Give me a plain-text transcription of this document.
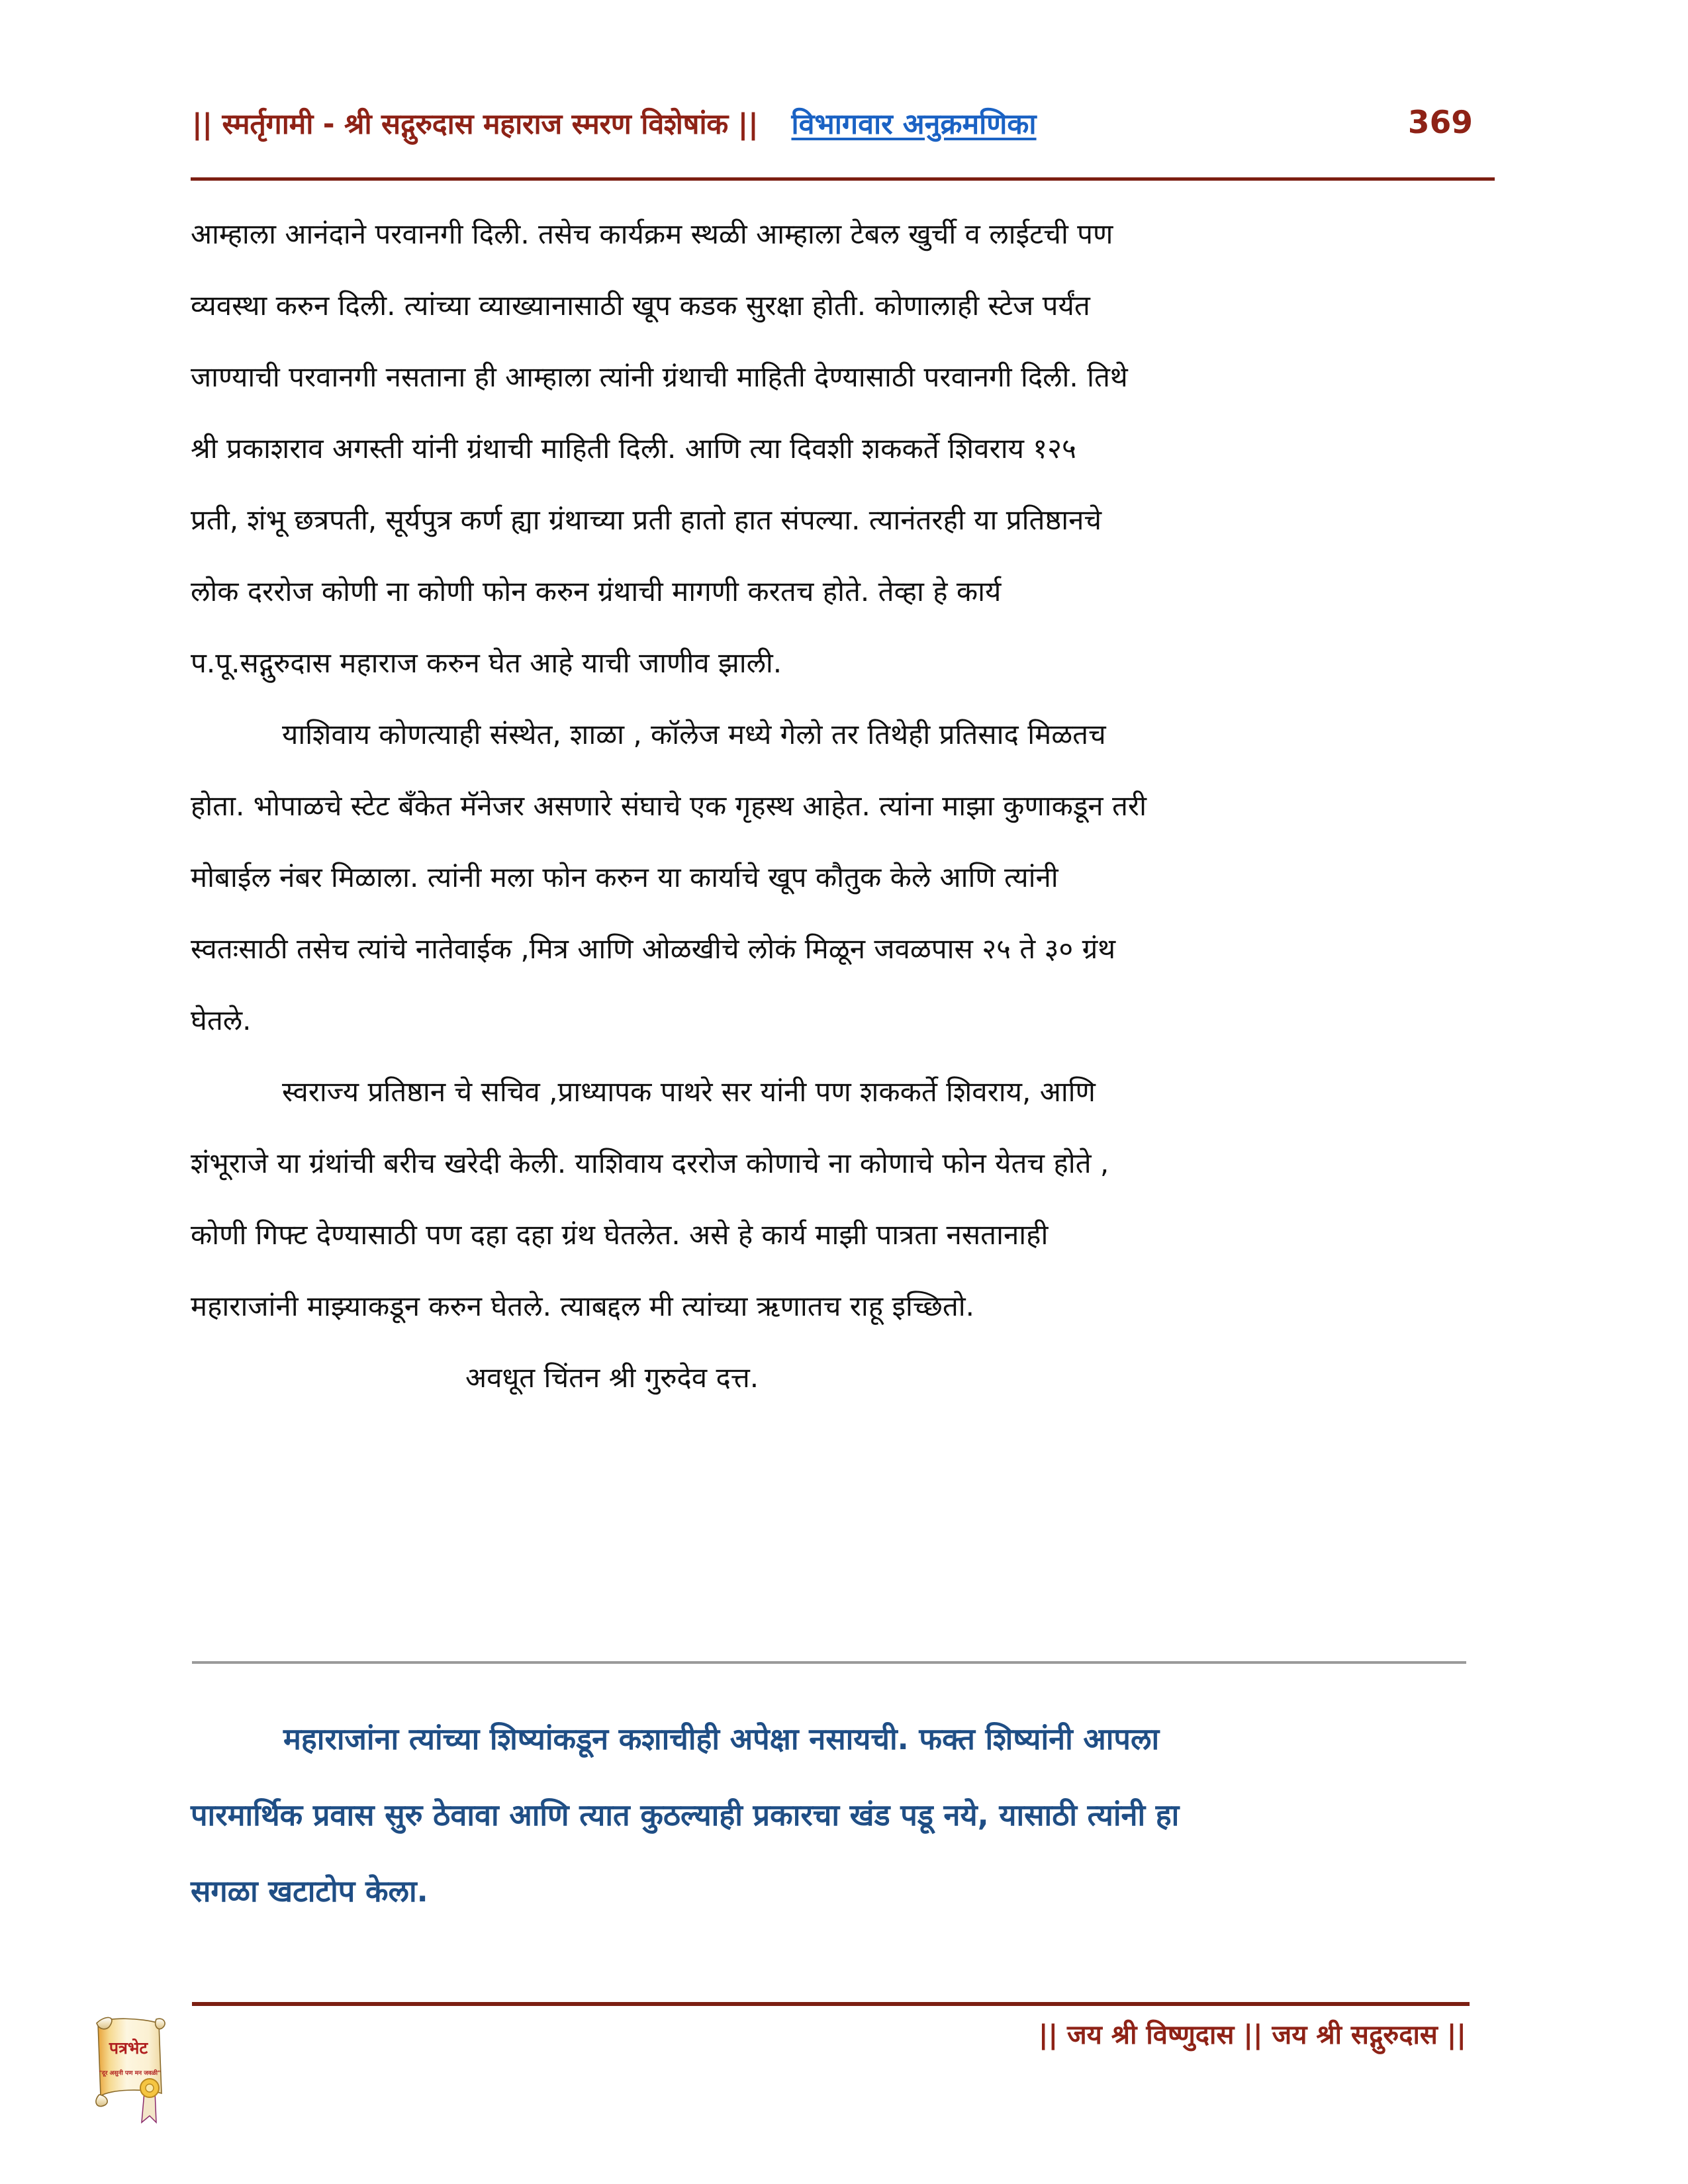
|| स्मर्तृगामी - श्री सद्गुरुदास महाराज स्मरण विशेषांक || विभागवार अनुक्रमणिका	369
आम्हाला आनंदाने परवानगी दिली. तसेच कार्यक्रम स्थळी आम्हाला टेबल खुर्ची व लाईटची पण
व्यवस्था करुन दिली. त्यांच्या व्याख्यानासाठी खूप कडक सुरक्षा होती. कोणालाही स्टेज पर्यंत
जाण्याची परवानगी नसताना ही आम्हाला त्यांनी ग्रंथाची माहिती देण्यासाठी परवानगी दिली. तिथे
श्री प्रकाशराव अगस्ती यांनी ग्रंथाची माहिती दिली. आणि त्या दिवशी शककर्ते शिवराय १२५
प्रती, शंभू छत्रपती, सूर्यपुत्र कर्ण ह्या ग्रंथाच्या प्रती हातो हात संपल्या. त्यानंतरही या प्रतिष्ठानचे
लोक दररोज कोणी ना कोणी फोन करुन ग्रंथाची मागणी करतच होते. तेव्हा हे कार्य
प.पू.सद्गुरुदास महाराज करुन घेत आहे याची जाणीव झाली.
याशिवाय कोणत्याही संस्थेत, शाळा , कॉलेज मध्ये गेलो तर तिथेही प्रतिसाद मिळतच
होता. भोपाळचे स्टेट बँकेत मॅनेजर असणारे संघाचे एक गृहस्थ आहेत. त्यांना माझा कुणाकडून तरी
मोबाईल नंबर मिळाला. त्यांनी मला फोन करुन या कार्याचे खूप कौतुक केले आणि त्यांनी
स्वतःसाठी तसेच त्यांचे नातेवाईक ,मित्र आणि ओळखीचे लोकं मिळून जवळपास २५ ते ३० ग्रंथ
घेतले.
स्वराज्य प्रतिष्ठान चे सचिव ,प्राध्यापक पाथरे सर यांनी पण शककर्ते शिवराय, आणि
शंभूराजे या ग्रंथांची बरीच खरेदी केली. याशिवाय दररोज कोणाचे ना कोणाचे फोन येतच होते ,
कोणी गिफ्ट देण्यासाठी पण दहा दहा ग्रंथ घेतलेत. असे हे कार्य माझी पात्रता नसतानाही
महाराजांनी माझ्याकडून करुन घेतले. त्याबद्दल मी त्यांच्या ऋणातच राहू इच्छितो.
अवधूत चिंतन श्री गुरुदेव दत्त.
महाराजांना त्यांच्या शिष्यांकडून कशाचीही अपेक्षा नसायची. फक्त शिष्यांनी आपला
पारमार्थिक प्रवास सुरु ठेवावा आणि त्यात कुठल्याही प्रकारचा खंड पडू नये, यासाठी त्यांनी हा
सगळा खटाटोप केला.
|| जय श्री विष्णुदास || जय श्री सद्गुरुदास ||
पत्रभेट
"दूर असुनी पण मन जवळी"
